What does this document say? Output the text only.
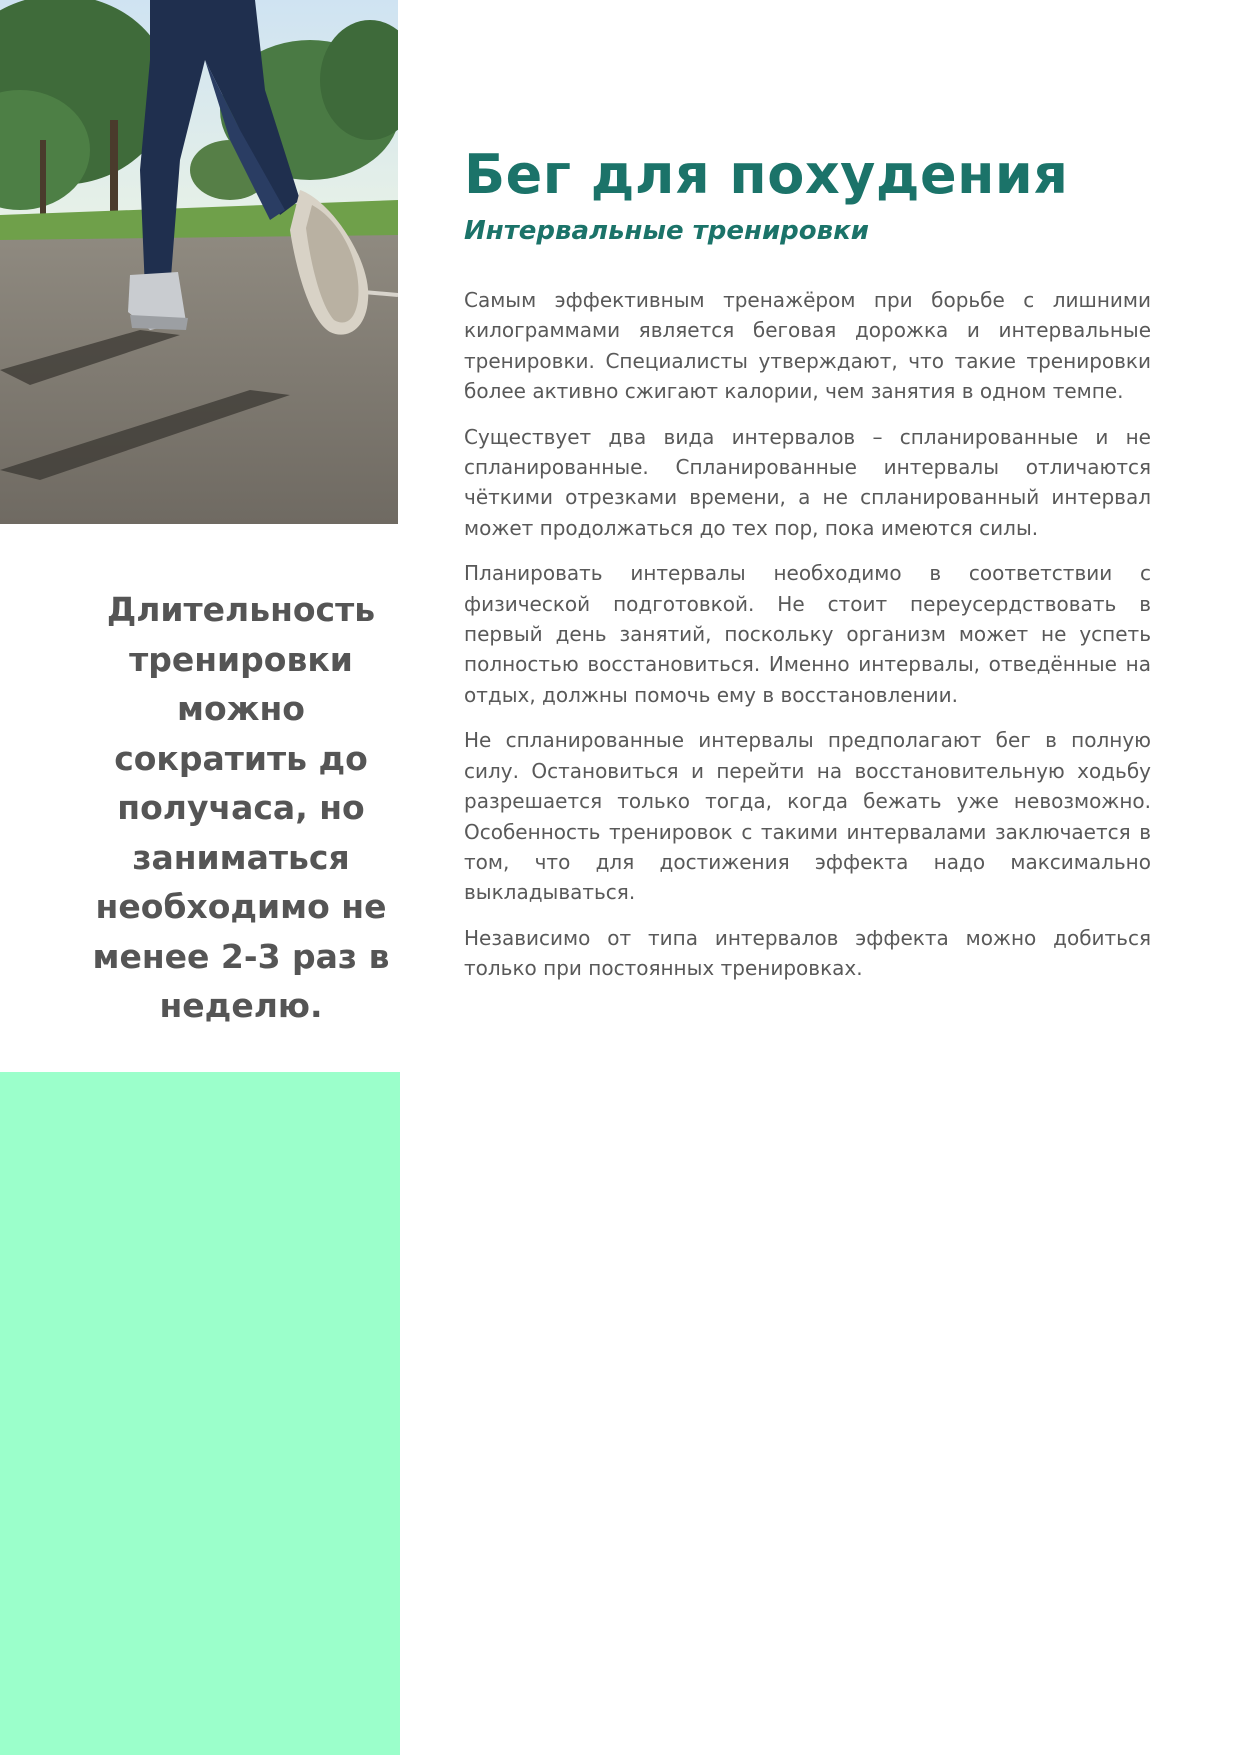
Длительность тренировки можно сократить до получаса, но заниматься необходимо не менее 2-3 раз в неделю.

Бег для похудения
Интервальные тренировки

Самым эффективным тренажёром при борьбе с лишними килограммами является беговая дорожка и интервальные тренировки. Специалисты утверждают, что такие тренировки более активно сжигают калории, чем занятия в одном темпе.

Существует два вида интервалов – спланированные и не спланированные. Спланированные интервалы отличаются чёткими отрезками времени, а не спланированный интервал может продолжаться до тех пор, пока имеются силы.

Планировать интервалы необходимо в соответствии с физической подготовкой. Не стоит переусердствовать в первый день занятий, поскольку организм может не успеть полностью восстановиться. Именно интервалы, отведённые на отдых, должны помочь ему в восстановлении.

Не спланированные интервалы предполагают бег в полную силу. Остановиться и перейти на восстановительную ходьбу разрешается только тогда, когда бежать уже невозможно. Особенность тренировок с такими интервалами заключается в том, что для достижения эффекта надо максимально выкладываться.

Независимо от типа интервалов эффекта можно добиться только при постоянных тренировках.
